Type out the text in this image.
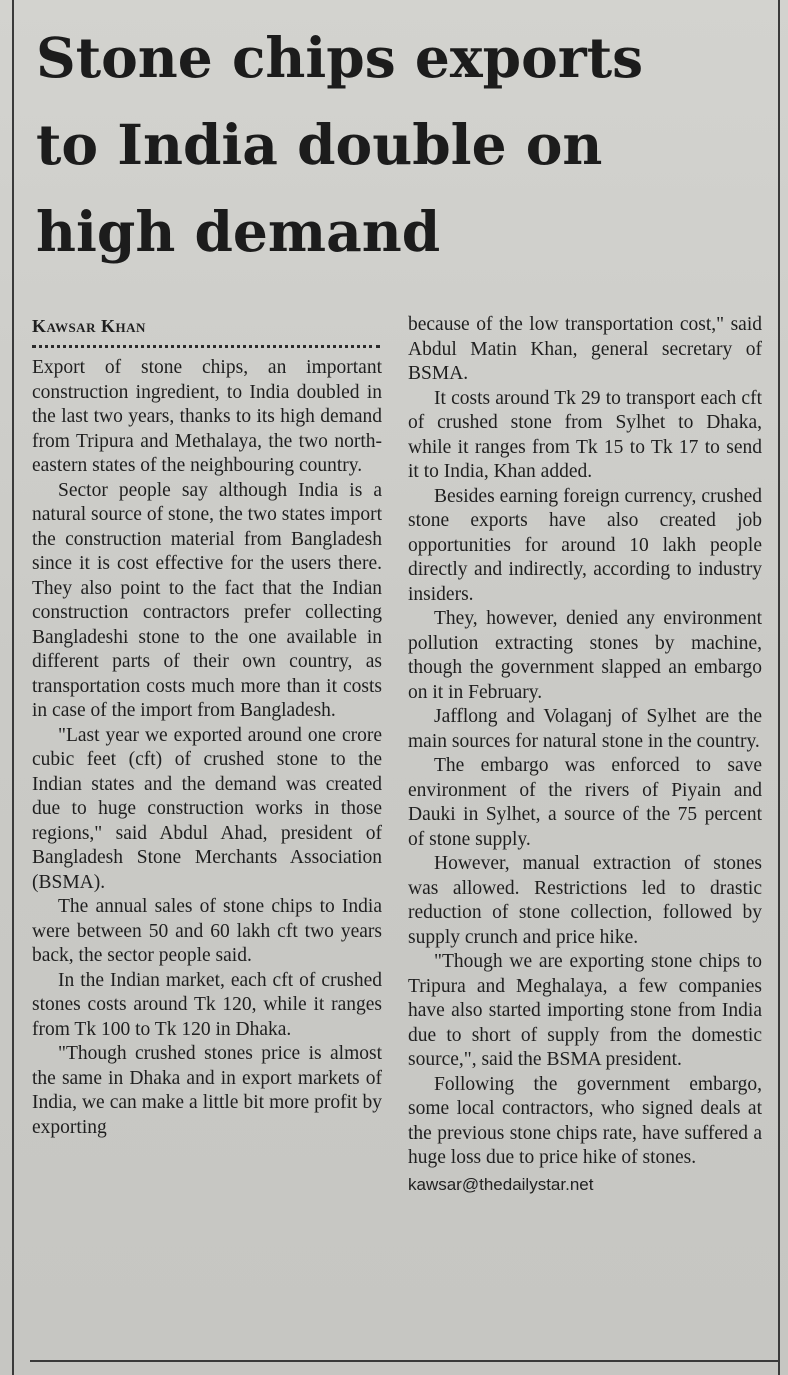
Stone chips exports
to India double on
high demand
Kawsar Khan

Export of stone chips, an important construction ingredient, to India doubled in the last two years, thanks to its high demand from Tripura and Methalaya, the two north-eastern states of the neighbouring country.

Sector people say although India is a natural source of stone, the two states import the construction material from Bangladesh since it is cost effective for the users there. They also point to the fact that the Indian construction contractors prefer collecting Bangladeshi stone to the one available in different parts of their own country, as transportation costs much more than it costs in case of the import from Bangladesh.

"Last year we exported around one crore cubic feet (cft) of crushed stone to the Indian states and the demand was created due to huge construction works in those regions," said Abdul Ahad, president of Bangladesh Stone Merchants Association (BSMA).

The annual sales of stone chips to India were between 50 and 60 lakh cft two years back, the sector people said.

In the Indian market, each cft of crushed stones costs around Tk 120, while it ranges from Tk 100 to Tk 120 in Dhaka.

"Though crushed stones price is almost the same in Dhaka and in export markets of India, we can make a little bit more profit by exporting

because of the low transportation cost," said Abdul Matin Khan, general secretary of BSMA.

It costs around Tk 29 to transport each cft of crushed stone from Sylhet to Dhaka, while it ranges from Tk 15 to Tk 17 to send it to India, Khan added.

Besides earning foreign currency, crushed stone exports have also created job opportunities for around 10 lakh people directly and indirectly, according to industry insiders.

They, however, denied any environment pollution extracting stones by machine, though the government slapped an embargo on it in February.

Jafflong and Volaganj of Sylhet are the main sources for natural stone in the country.

The embargo was enforced to save environment of the rivers of Piyain and Dauki in Sylhet, a source of the 75 percent of stone supply.

However, manual extraction of stones was allowed. Restrictions led to drastic reduction of stone collection, followed by supply crunch and price hike.

"Though we are exporting stone chips to Tripura and Meghalaya, a few companies have also started importing stone from India due to short of supply from the domestic source,", said the BSMA president.

Following the government embargo, some local contractors, who signed deals at the previous stone chips rate, have suffered a huge loss due to price hike of stones.

kawsar@thedailystar.net
